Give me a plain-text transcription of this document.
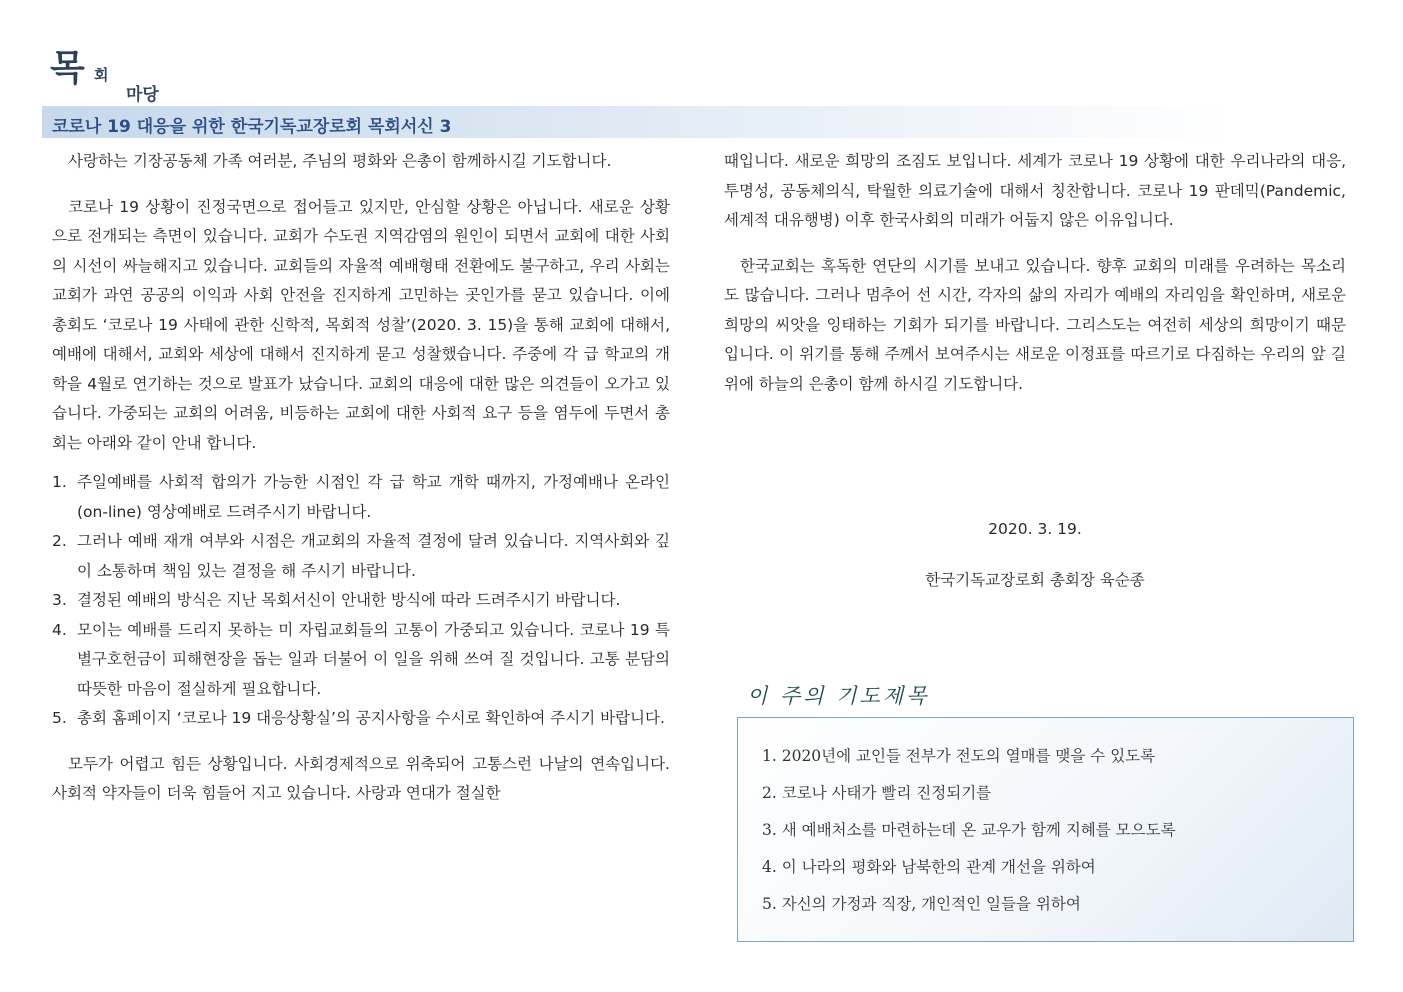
목 회
마당
코로나 19 대응을 위한 한국기독교장로회 목회서신 3

사랑하는 기장공동체 가족 여러분, 주님의 평화와 은총이 함께하시길 기도합니다.

코로나 19 상황이 진정국면으로 접어들고 있지만, 안심할 상황은 아닙니다. 새로운 상황으로 전개되는 측면이 있습니다. 교회가 수도권 지역감염의 원인이 되면서 교회에 대한 사회의 시선이 싸늘해지고 있습니다. 교회들의 자율적 예배형태 전환에도 불구하고, 우리 사회는 교회가 과연 공공의 이익과 사회 안전을 진지하게 고민하는 곳인가를 묻고 있습니다. 이에 총회도 ‘코로나 19 사태에 관한 신학적, 목회적 성찰’(2020. 3. 15)을 통해 교회에 대해서, 예배에 대해서, 교회와 세상에 대해서 진지하게 묻고 성찰했습니다. 주중에 각 급 학교의 개학을 4월로 연기하는 것으로 발표가 났습니다. 교회의 대응에 대한 많은 의견들이 오가고 있습니다. 가중되는 교회의 어려움, 비등하는 교회에 대한 사회적 요구 등을 염두에 두면서 총회는 아래와 같이 안내 합니다.

1. 주일예배를 사회적 합의가 가능한 시점인 각 급 학교 개학 때까지, 가정예배나 온라인(on-line) 영상예배로 드려주시기 바랍니다.
2. 그러나 예배 재개 여부와 시점은 개교회의 자율적 결정에 달려 있습니다. 지역사회와 깊이 소통하며 책임 있는 결정을 해 주시기 바랍니다.
3. 결정된 예배의 방식은 지난 목회서신이 안내한 방식에 따라 드려주시기 바랍니다.
4. 모이는 예배를 드리지 못하는 미 자립교회들의 고통이 가중되고 있습니다. 코로나 19 특별구호헌금이 피해현장을 돕는 일과 더불어 이 일을 위해 쓰여 질 것입니다. 고통 분담의 따뜻한 마음이 절실하게 필요합니다.
5. 총회 홈페이지 ‘코로나 19 대응상황실’의 공지사항을 수시로 확인하여 주시기 바랍니다.

모두가 어렵고 힘든 상황입니다. 사회경제적으로 위축되어 고통스런 나날의 연속입니다. 사회적 약자들이 더욱 힘들어 지고 있습니다. 사랑과 연대가 절실한

때입니다. 새로운 희망의 조짐도 보입니다. 세계가 코로나 19 상황에 대한 우리나라의 대응, 투명성, 공동체의식, 탁월한 의료기술에 대해서 칭찬합니다. 코로나 19 판데믹(Pandemic, 세계적 대유행병) 이후 한국사회의 미래가 어둡지 않은 이유입니다.

한국교회는 혹독한 연단의 시기를 보내고 있습니다. 향후 교회의 미래를 우려하는 목소리도 많습니다. 그러나 멈추어 선 시간, 각자의 삶의 자리가 예배의 자리임을 확인하며, 새로운 희망의 씨앗을 잉태하는 기회가 되기를 바랍니다. 그리스도는 여전히 세상의 희망이기 때문입니다. 이 위기를 통해 주께서 보여주시는 새로운 이정표를 따르기로 다짐하는 우리의 앞 길 위에 하늘의 은총이 함께 하시길 기도합니다.

2020. 3. 19.
한국기독교장로회 총회장 육순종
이 주의 기도제목
1. 2020년에 교인들 전부가 전도의 열매를 맺을 수 있도록
2. 코로나 사태가 빨리 진정되기를
3. 새 예배처소를 마련하는데 온 교우가 함께 지혜를 모으도록
4. 이 나라의 평화와 남북한의 관계 개선을 위하여
5. 자신의 가정과 직장, 개인적인 일들을 위하여
